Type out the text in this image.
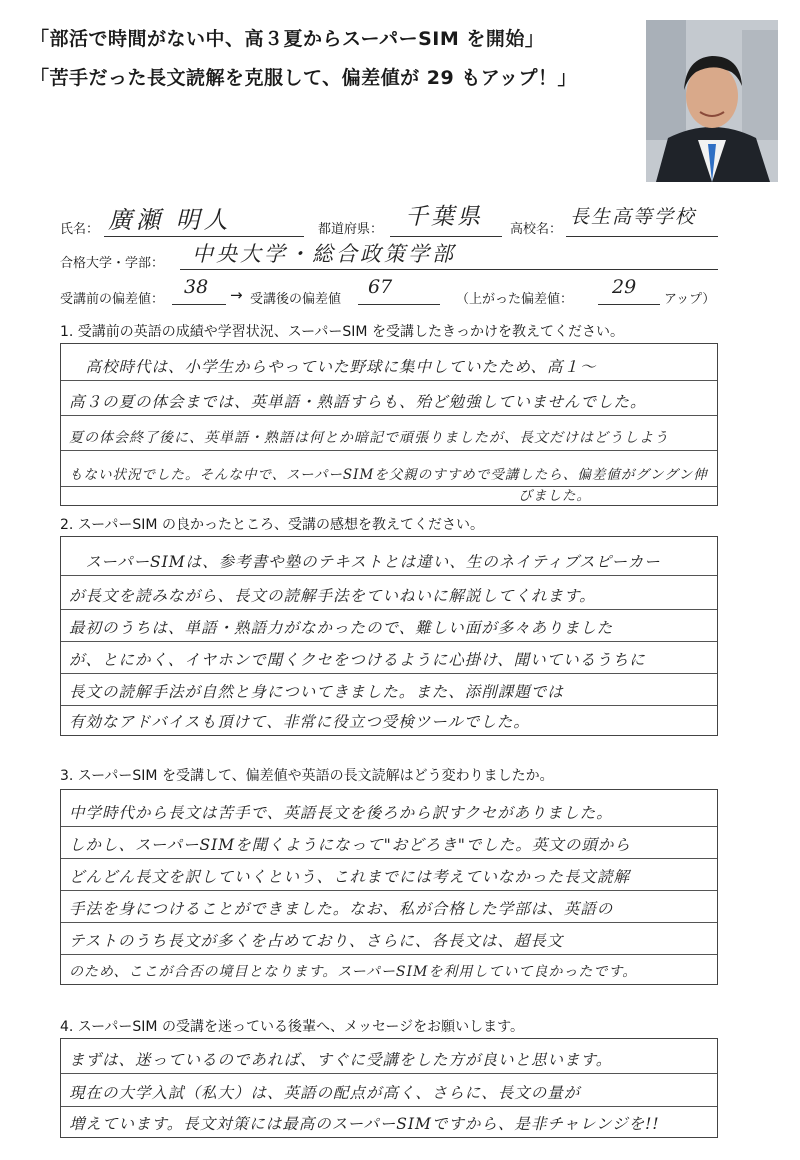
「部活で時間がない中、高３夏からスーパーSIM を開始」
「苦手だった長文読解を克服して、偏差値が 29 もアップ！」
氏名： 廣瀬 明人	都道府県： 千葉県 高校名：
長生高等学校
合格大学・学部： 中央大学・総合政策学部
受講前の偏差値：
38 → 受講後の偏差値
67
（上がった偏差値：
29
アップ）
1. 受講前の英語の成績や学習状況、スーパーSIM を受講したきっかけを教えてください。
　高校時代は、小学生からやっていた野球に集中していたため、高１〜
高３の夏の体会までは、英単語・熟語すらも、殆ど勉強していませんでした。
夏の体会終了後に、英単語・熟語は何とか暗記で頑張りましたが、長文だけはどうしよう
もない状況でした。そんな中で、スーパーSIMを父親のすすめで受講したら、偏差値がグングン伸
　　　　　　　　　　　　　　　　　　　　　　　　　　　　　　　びました。
2. スーパーSIM の良かったところ、受講の感想を教えてください。
　スーパーSIMは、参考書や塾のテキストとは違い、生のネイティブスピーカー
が長文を読みながら、長文の読解手法をていねいに解説してくれます。
最初のうちは、単語・熟語力がなかったので、難しい面が多々ありました
が、とにかく、イヤホンで聞くクセをつけるように心掛け、聞いているうちに
長文の読解手法が自然と身についてきました。また、添削課題では
有効なアドバイスも頂けて、非常に役立つ受検ツールでした。
3. スーパーSIM を受講して、偏差値や英語の長文読解はどう変わりましたか。
中学時代から長文は苦手で、英語長文を後ろから訳すクセがありました。
しかし、スーパーSIMを聞くようになって"おどろき"でした。英文の頭から
どんどん長文を訳していくという、これまでには考えていなかった長文読解
手法を身につけることができました。なお、私が合格した学部は、英語の
テストのうち長文が多くを占めており、さらに、各長文は、超長文
のため、ここが合否の境目となります。スーパーSIMを利用していて良かったです。
4. スーパーSIM の受講を迷っている後輩へ、メッセージをお願いします。
まずは、迷っているのであれば、すぐに受講をした方が良いと思います。
現在の大学入試（私大）は、英語の配点が高く、さらに、長文の量が
増えています。長文対策には最高のスーパーSIMですから、是非チャレンジを!!
